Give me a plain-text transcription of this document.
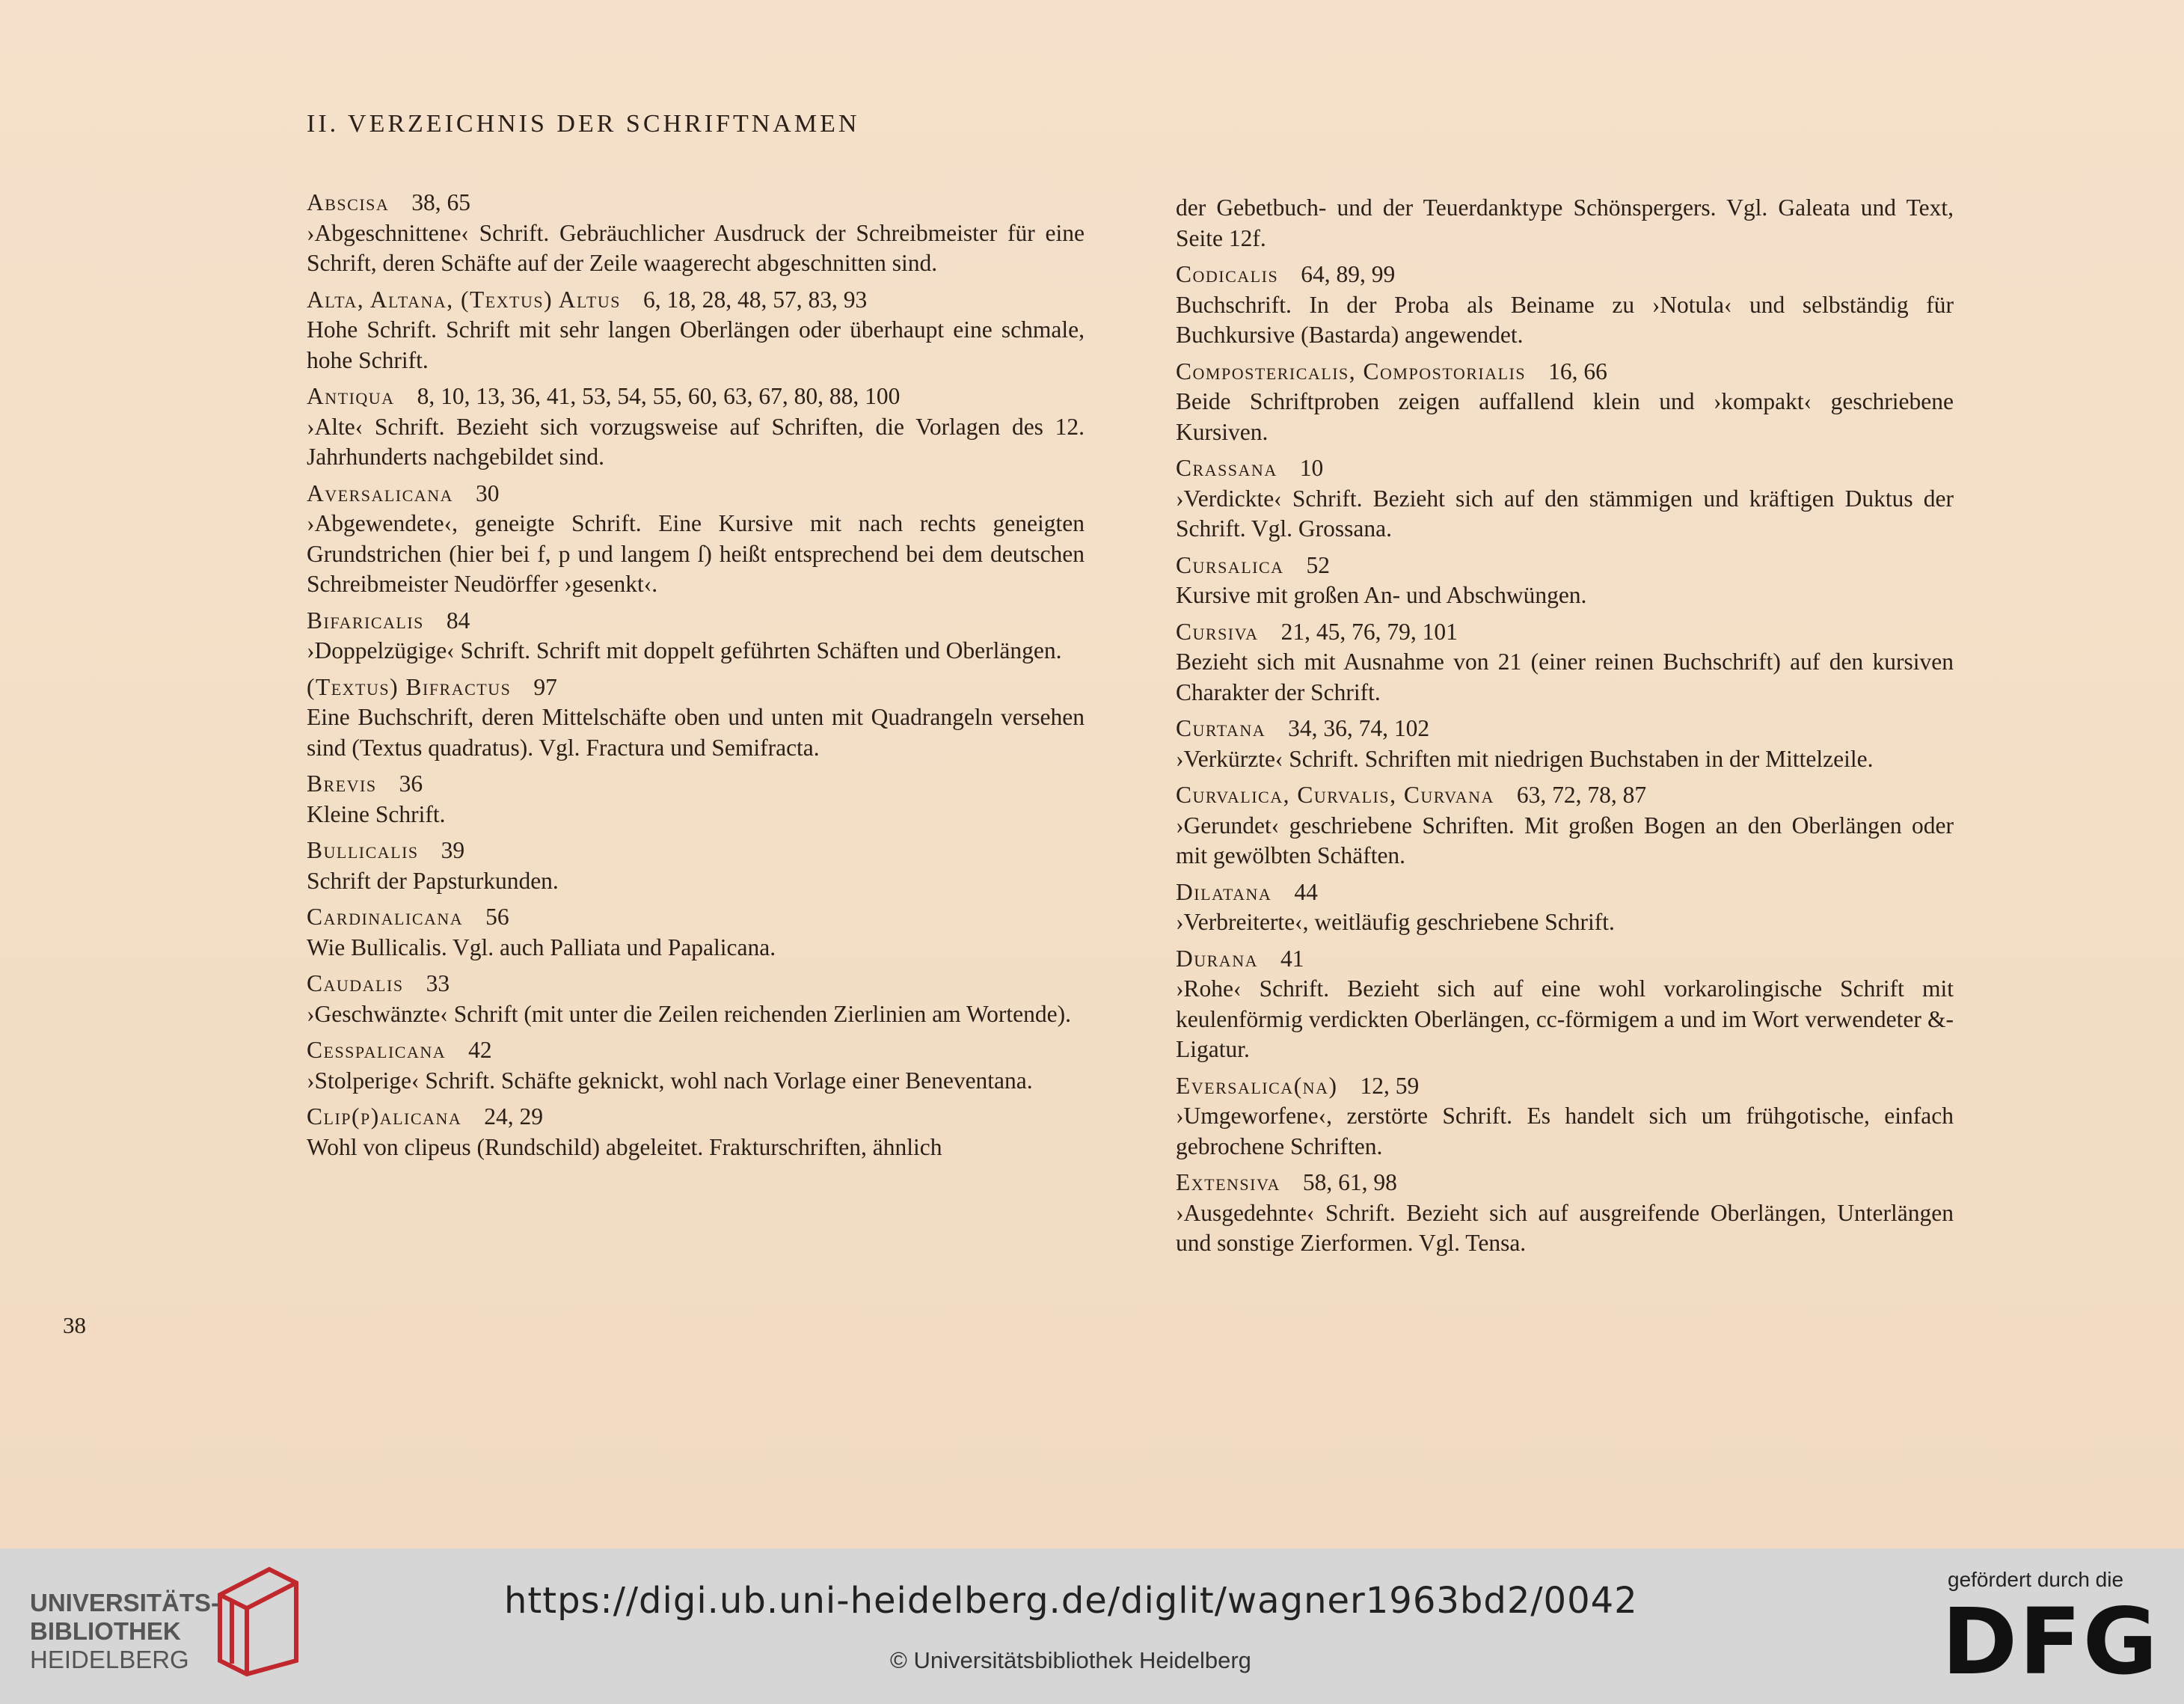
II. VERZEICHNIS DER SCHRIFTNAMEN
Abscisa 38, 65

›Abgeschnittene‹ Schrift. Gebräuchlicher Ausdruck der Schreibmeister für eine Schrift, deren Schäfte auf der Zeile waagerecht abgeschnitten sind.

Alta, Altana, (Textus) Altus 6, 18, 28, 48, 57, 83, 93

Hohe Schrift. Schrift mit sehr langen Oberlängen oder überhaupt eine schmale, hohe Schrift.

Antiqua 8, 10, 13, 36, 41, 53, 54, 55, 60, 63, 67, 80, 88, 100

›Alte‹ Schrift. Bezieht sich vorzugsweise auf Schriften, die Vorlagen des 12. Jahrhunderts nachgebildet sind.

Aversalicana 30

›Abgewendete‹, geneigte Schrift. Eine Kursive mit nach rechts geneigten Grundstrichen (hier bei f, p und langem ſ) heißt entsprechend bei dem deutschen Schreibmeister Neudörffer ›gesenkt‹.

Bifaricalis 84

›Doppelzügige‹ Schrift. Schrift mit doppelt geführten Schäften und Oberlängen.

(Textus) Bifractus 97

Eine Buchschrift, deren Mittelschäfte oben und unten mit Quadrangeln versehen sind (Textus quadratus). Vgl. Fractura und Semifracta.

Brevis 36

Kleine Schrift.

Bullicalis 39

Schrift der Papsturkunden.

Cardinalicana 56

Wie Bullicalis. Vgl. auch Palliata und Papalicana.

Caudalis 33

›Geschwänzte‹ Schrift (mit unter die Zeilen reichenden Zierlinien am Wortende).

Cesspalicana 42

›Stolperige‹ Schrift. Schäfte geknickt, wohl nach Vorlage einer Beneventana.

Clip(p)alicana 24, 29

Wohl von clipeus (Rundschild) abgeleitet. Frakturschriften, ähnlich

der Gebetbuch- und der Teuerdanktype Schönspergers. Vgl. Galeata und Text, Seite 12f.

Codicalis 64, 89, 99

Buchschrift. In der Proba als Beiname zu ›Notula‹ und selbständig für Buchkursive (Bastarda) angewendet.

Compostericalis, Compostorialis 16, 66

Beide Schriftproben zeigen auffallend klein und ›kompakt‹ geschriebene Kursiven.

Crassana 10

›Verdickte‹ Schrift. Bezieht sich auf den stämmigen und kräftigen Duktus der Schrift. Vgl. Grossana.

Cursalica 52

Kursive mit großen An- und Abschwüngen.

Cursiva 21, 45, 76, 79, 101

Bezieht sich mit Ausnahme von 21 (einer reinen Buchschrift) auf den kursiven Charakter der Schrift.

Curtana 34, 36, 74, 102

›Verkürzte‹ Schrift. Schriften mit niedrigen Buchstaben in der Mittelzeile.

Curvalica, Curvalis, Curvana 63, 72, 78, 87

›Gerundet‹ geschriebene Schriften. Mit großen Bogen an den Oberlängen oder mit gewölbten Schäften.

Dilatana 44

›Verbreiterte‹, weitläufig geschriebene Schrift.

Durana 41

›Rohe‹ Schrift. Bezieht sich auf eine wohl vorkarolingische Schrift mit keulenförmig verdickten Oberlängen, cc-förmigem a und im Wort verwendeter &-Ligatur.

Eversalica(na) 12, 59

›Umgeworfene‹, zerstörte Schrift. Es handelt sich um frühgotische, einfach gebrochene Schriften.

Extensiva 58, 61, 98

›Ausgedehnte‹ Schrift. Bezieht sich auf ausgreifende Oberlängen, Unterlängen und sonstige Zierformen. Vgl. Tensa.

38
UNIVERSITÄTS-
BIBLIOTHEK
HEIDELBERG
https://digi.ub.uni-heidelberg.de/diglit/wagner1963bd2/0042
© Universitätsbibliothek Heidelberg
gefördert durch die
DFG
